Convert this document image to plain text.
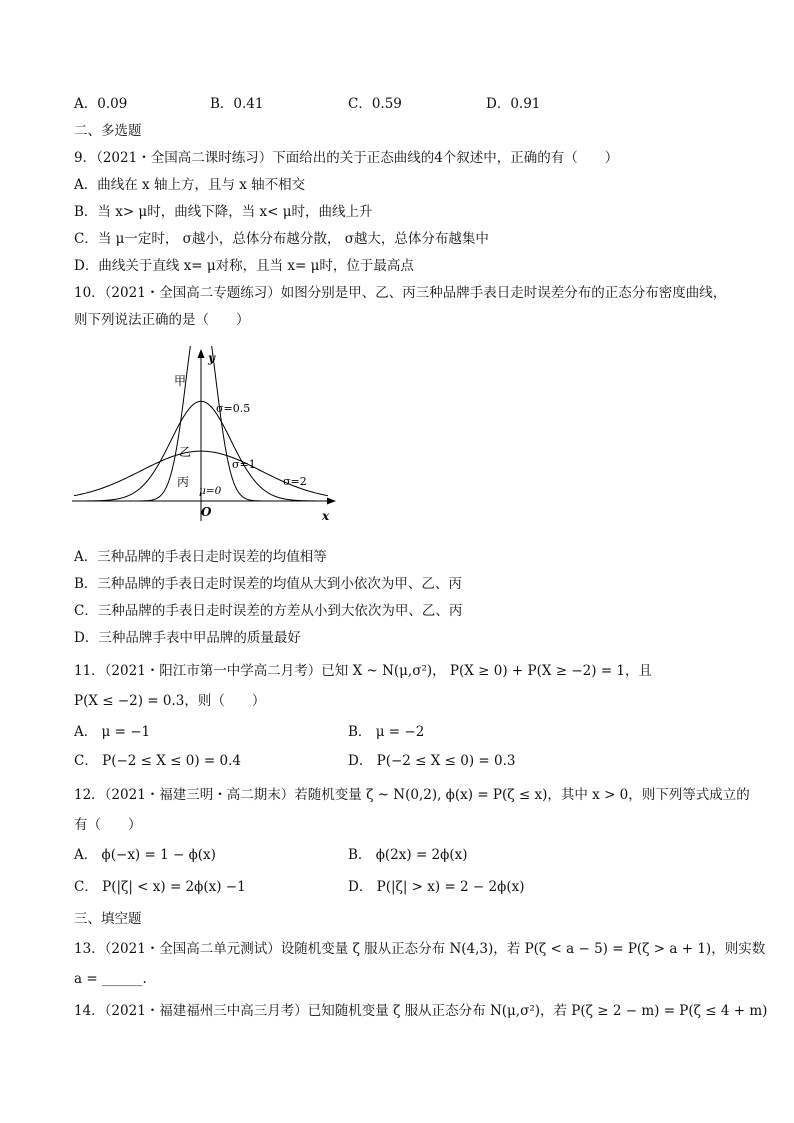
A．0.09	B．0.41	C．0.59	D．0.91
二、多选题
9．（2021・全国高二课时练习）下面给出的关于正态曲线的4个叙述中，正确的有（　　）
A．曲线在 x 轴上方，且与 x 轴不相交
B．当 x> μ时，曲线下降，当 x< μ时，曲线上升
C．当 μ一定时， σ越小，总体分布越分散， σ越大，总体分布越集中
D．曲线关于直线 x= μ对称，且当 x= μ时，位于最高点
10．（2021・全国高二专题练习）如图分别是甲、乙、丙三种品牌手表日走时误差分布的正态分布密度曲线，
则下列说法正确的是（　　）
y
x
O
甲
乙
丙
σ=0.5
σ=1
σ=2
μ=0
A．三种品牌的手表日走时误差的均值相等
B．三种品牌的手表日走时误差的均值从大到小依次为甲、乙、丙
C．三种品牌的手表日走时误差的方差从小到大依次为甲、乙、丙
D．三种品牌手表中甲品牌的质量最好
11．（2021・阳江市第一中学高二月考）已知 X ~ N(μ,σ²)， P(X ≥ 0) + P(X ≥ −2) = 1，且
P(X ≤ −2) = 0.3，则（　　）
A． μ = −1	B． μ = −2
C． P(−2 ≤ X ≤ 0) = 0.4	D． P(−2 ≤ X ≤ 0) = 0.3
12．（2021・福建三明・高二期末）若随机变量 ζ ~ N(0,2), ϕ(x) = P(ζ ≤ x)，其中 x > 0，则下列等式成立的
有（　　）
A． ϕ(−x) = 1 − ϕ(x)	B． ϕ(2x) = 2ϕ(x)
C． P(|ζ| < x) = 2ϕ(x) −1	D． P(|ζ| > x) = 2 − 2ϕ(x)
三、填空题
13．（2021・全国高二单元测试）设随机变量 ζ 服从正态分布 N(4,3)，若 P(ζ < a − 5) = P(ζ > a + 1)，则实数
a = ______.
14．（2021・福建福州三中高三月考）已知随机变量 ζ 服从正态分布 N(μ,σ²)，若 P(ζ ≥ 2 − m) = P(ζ ≤ 4 + m)
